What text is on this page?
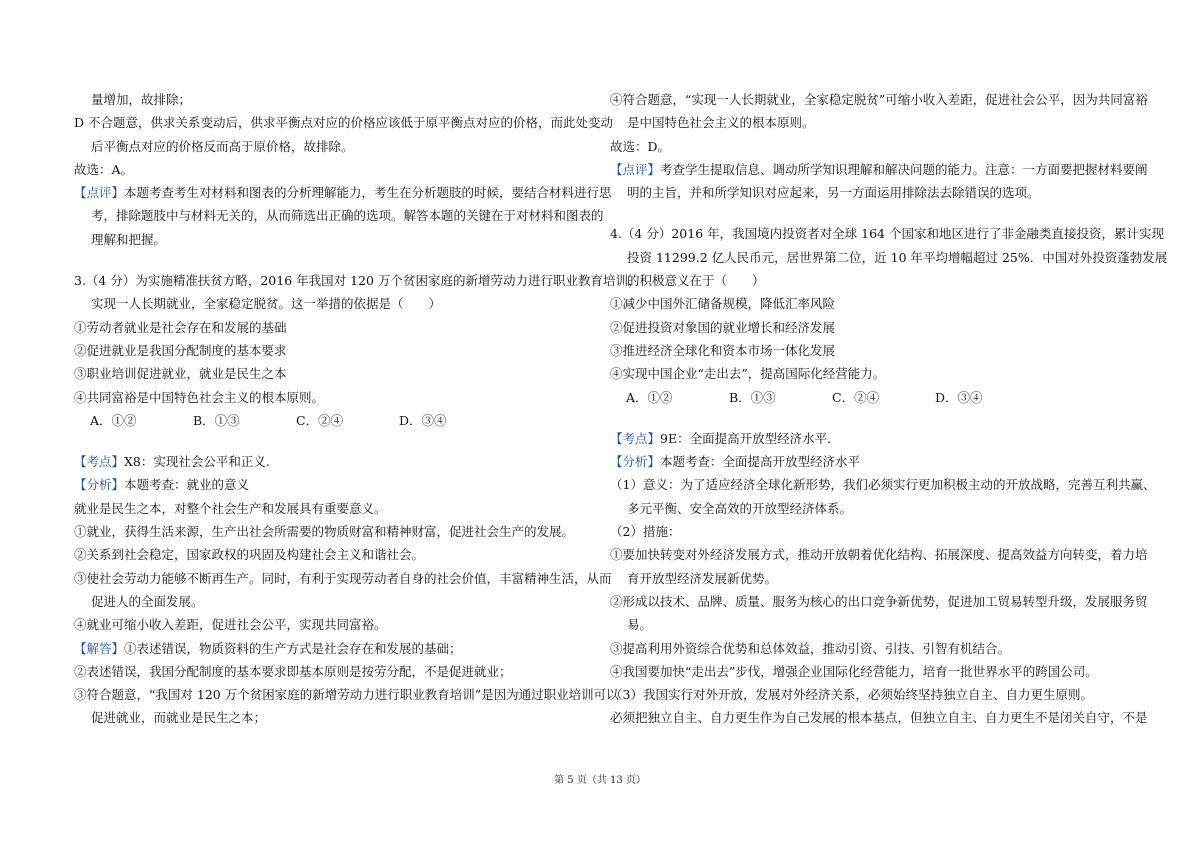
量增加，故排除；
D 不合题意，供求关系变动后，供求平衡点对应的价格应该低于原平衡点对应的价格，而此处变动
后平衡点对应的价格反而高于原价格，故排除。
故选：A。
【点评】本题考查考生对材料和图表的分析理解能力，考生在分析题肢的时候，要结合材料进行思
考，排除题肢中与材料无关的，从而筛选出正确的选项。解答本题的关键在于对材料和图表的
理解和把握。
3.（4 分）为实施精准扶贫方略，2016 年我国对 120 万个贫困家庭的新增劳动力进行职业教育培训，
实现一人长期就业，全家稳定脱贫。这一举措的依据是（　　）
①劳动者就业是社会存在和发展的基础
②促进就业是我国分配制度的基本要求
③职业培训促进就业，就业是民生之本
④共同富裕是中国特色社会主义的根本原则。
A．①②	B．①③	C．②④	D．③④
【考点】X8：实现社会公平和正义.
【分析】本题考查：就业的意义
就业是民生之本，对整个社会生产和发展具有重要意义。
①就业，获得生活来源，生产出社会所需要的物质财富和精神财富，促进社会生产的发展。
②关系到社会稳定，国家政权的巩固及构建社会主义和谐社会。
③使社会劳动力能够不断再生产。同时，有利于实现劳动者自身的社会价值，丰富精神生活，从而
促进人的全面发展。
④就业可缩小收入差距，促进社会公平，实现共同富裕。
【解答】①表述错误，物质资料的生产方式是社会存在和发展的基础；
②表述错误，我国分配制度的基本要求即基本原则是按劳分配，不是促进就业；
③符合题意，“我国对 120 万个贫困家庭的新增劳动力进行职业教育培训”是因为通过职业培训可以
促进就业，而就业是民生之本；
④符合题意，“实现一人长期就业，全家稳定脱贫”可缩小收入差距，促进社会公平，因为共同富裕
是中国特色社会主义的根本原则。
故选：D。
【点评】考查学生提取信息、调动所学知识理解和解决问题的能力。注意：一方面要把握材料要阐
明的主旨，并和所学知识对应起来，另一方面运用排除法去除错误的选项。
4.（4 分）2016 年，我国境内投资者对全球 164 个国家和地区进行了非金融类直接投资，累计实现
投资 11299.2 亿人民币元，居世界第二位，近 10 年平均增幅超过 25%．中国对外投资蓬勃发展
的积极意义在于（　　）
①减少中国外汇储备规模，降低汇率风险
②促进投资对象国的就业增长和经济发展
③推进经济全球化和资本市场一体化发展
④实现中国企业“走出去”，提高国际化经营能力。
A．①②	B．①③	C．②④	D．③④
【考点】9E：全面提高开放型经济水平.
【分析】本题考查：全面提高开放型经济水平
（1）意义：为了适应经济全球化新形势，我们必须实行更加积极主动的开放战略，完善互利共赢、
多元平衡、安全高效的开放型经济体系。
（2）措施：
①要加快转变对外经济发展方式，推动开放朝着优化结构、拓展深度、提高效益方向转变，着力培
育开放型经济发展新优势。
②形成以技术、品牌、质量、服务为核心的出口竞争新优势，促进加工贸易转型升级，发展服务贸
易。
③提高利用外资综合优势和总体效益，推动引资、引技、引智有机结合。
④我国要加快“走出去”步伐，增强企业国际化经营能力，培育一批世界水平的跨国公司。
（3）我国实行对外开放，发展对外经济关系，必须始终坚持独立自主、自力更生原则。
必须把独立自主、自力更生作为自己发展的根本基点，但独立自主、自力更生不是闭关自守，不是
第 5 页（共 13 页）
